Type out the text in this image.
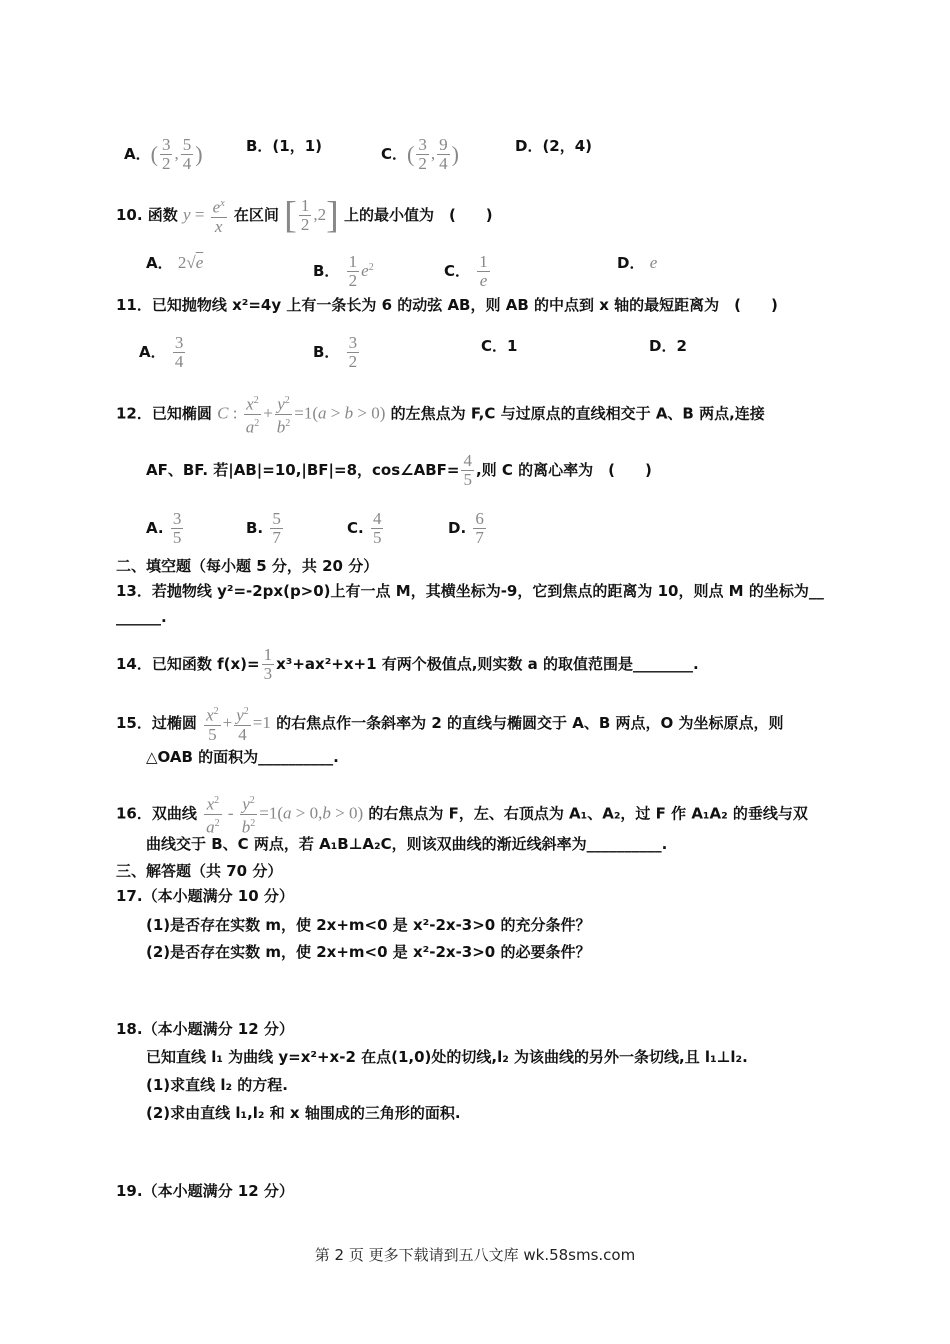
A．( $\frac{3}{2}$ , $\frac{5}{4}$ )	B．(1，1)	C．( $\frac{3}{2}$ , $\frac{9}{4}$ )	D．(2，4)
10. 函数 $y = \frac{e^x}{x}$ 在区间 [ $\frac{1}{2} ,2$] 上的最小值为　(　　)
A． 2√e	B． $\frac{1}{2} e^2$	C． $\frac{1}{e}$	D． e
11．已知抛物线 x²=4y 上有一条长为 6 的动弦 AB，则 AB 的中点到 x 轴的最短距离为　(　　)
A． $\frac{3}{4}$	B． $\frac{3}{2}$	C．1	D．2
12．已知椭圆 C : $\frac{x^2}{a^2} + \frac{y^2}{b^2} =1(a > b > 0)$ 的左焦点为 F,C 与过原点的直线相交于 A、B 两点,连接
AF、BF. 若|AB|=10,|BF|=8，cos∠ABF= $\frac{4}{5}$ ,则 C 的离心率为　(　　)
A. $\frac{3}{5}$	B. $\frac{5}{7}$	C. $\frac{4}{5}$	D. $\frac{6}{7}$
二、填空题（每小题 5 分，共 20 分）
13．若抛物线 y²=-2px(p>0)上有一点 M，其横坐标为-9，它到焦点的距离为 10，则点 M 的坐标为__
______.
14．已知函数 $f(x)= \frac{1}{3} x^3+ax^2+x+1$ 有两个极值点,则实数 a 的取值范围是________.
15．过椭圆 $\frac{x^2}{5} + \frac{y^2}{4} =1$ 的右焦点作一条斜率为 2 的直线与椭圆交于 A、B 两点，O 为坐标原点，则
△OAB 的面积为__________.
16．双曲线 $\frac{x^2}{a^2} - \frac{y^2}{b^2} =1(a > 0,b > 0)$ 的右焦点为 F，左、右顶点为 A₁、A₂，过 F 作 A₁A₂ 的垂线与双
曲线交于 B、C 两点，若 A₁B⊥A₂C，则该双曲线的渐近线斜率为__________.
三、解答题（共 70 分）
17.（本小题满分 10 分）
(1)是否存在实数 m，使 2x+m<0 是 x²-2x-3>0 的充分条件？
(2)是否存在实数 m，使 2x+m<0 是 x²-2x-3>0 的必要条件？
18.（本小题满分 12 分）
已知直线 l₁ 为曲线 y=x²+x-2 在点(1,0)处的切线,l₂ 为该曲线的另外一条切线,且 l₁⊥l₂.
(1)求直线 l₂ 的方程.
(2)求由直线 l₁,l₂ 和 x 轴围成的三角形的面积.
19.（本小题满分 12 分）
第 2 页 更多下载请到五八文库 wk.58sms.com
